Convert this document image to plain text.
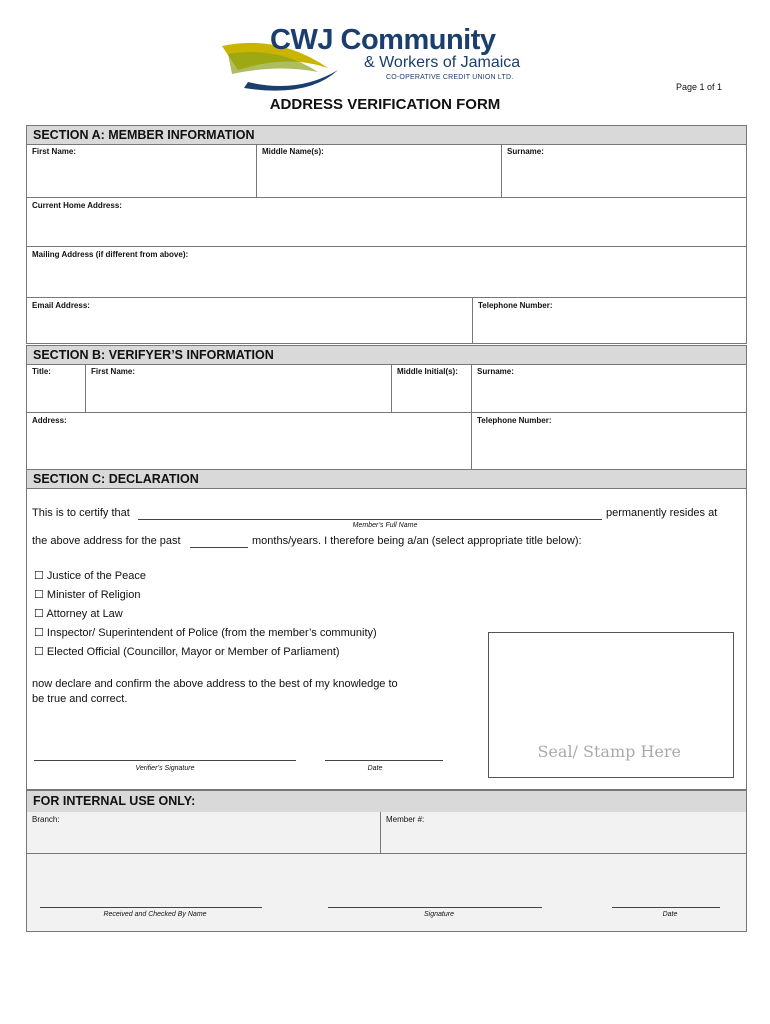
CWJ Community
& Workers of Jamaica
CO-OPERATIVE CREDIT UNION LTD.
Page 1 of 1
ADDRESS VERIFICATION FORM
SECTION A: MEMBER INFORMATION
First Name:	Middle Name(s):	Surname:
Current Home Address:
Mailing Address (if different from above):
Email Address:	Telephone Number:
SECTION B: VERIFYER’S INFORMATION
Title:	First Name:	Middle Initial(s):	Surname:
Address:	Telephone Number:
SECTION C: DECLARATION
This is to certify that	permanently resides at
Member’s Full Name
the above address for the past	months/years. I therefore being a/an (select appropriate title below):
☐ Justice of the Peace
☐ Minister of Religion
☐ Attorney at Law
☐ Inspector/ Superintendent of Police (from the member’s community)
☐ Elected Official (Councillor, Mayor or Member of Parliament)
now declare and confirm the above address to the best of my knowledge to
be true and correct.
Seal/ Stamp Here
Verifier’s Signature	Date
FOR INTERNAL USE ONLY:
Branch:	Member #:
Received and Checked By Name	Signature	Date
